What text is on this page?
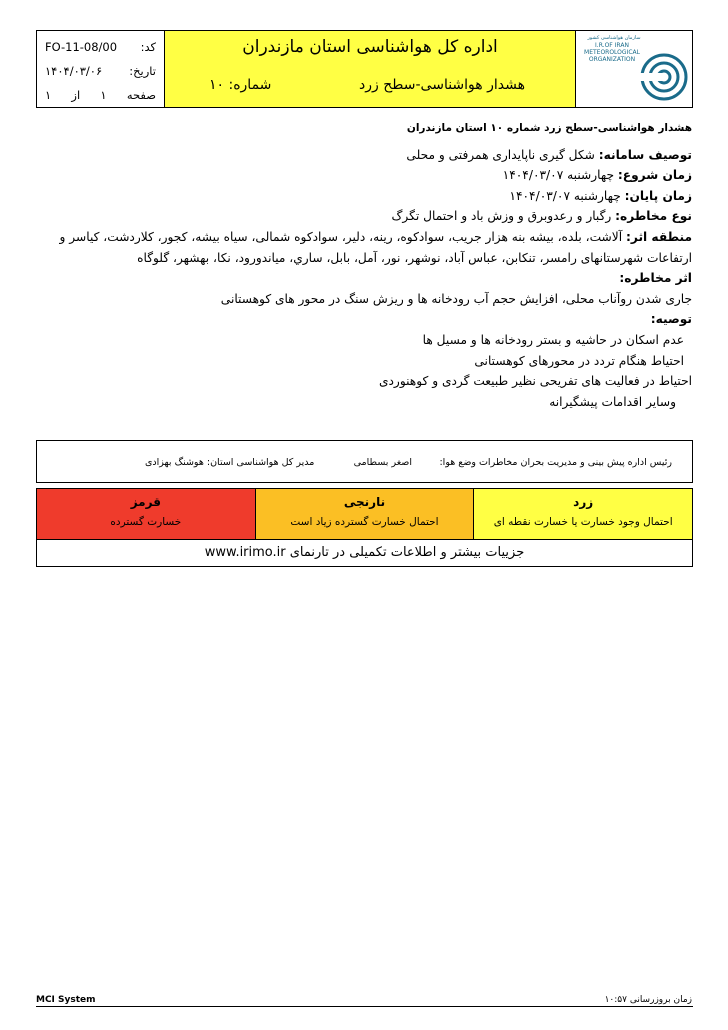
کد:
FO-11-08/00
تاریخ:
۱۴۰۴/۰۳/۰۶
صفحه
۱
از
۱
اداره کل هواشناسی استان مازندران
هشدار هواشناسی-سطح زرد
شماره: ۱۰
سازمان هواشناسی کشور
I.R.OF IRAN
METEOROLOGICAL
ORGANIZATION
هشدار هواشناسی-سطح زرد شماره ۱۰ استان مازندران
توصیف سامانه: شکل گیری ناپایداری همرفتی و محلی
زمان شروع: چهارشنبه ۱۴۰۴/۰۳/۰۷
زمان پایان: چهارشنبه ۱۴۰۴/۰۳/۰۷
نوع مخاطره: رگبار و رعدوبرق و وزش باد و احتمال تگرگ
منطقه اثر: آلاشت، بلده، بیشه بنه هزار جریب، سوادکوه، رینه، دلیر، سوادکوه شمالی، سیاه بیشه، کجور، کلاردشت، کیاسر و ارتفاعات شهرستانهای رامسر، تنکابن، عباس آباد، نوشهر، نور، آمل، بابل، ساري، میاندورود، نکا، بهشهر، گلوگاه
اثر مخاطره:
جاری شدن روآناب محلی، افزایش حجم آب رودخانه ها و ریزش سنگ در محور های کوهستانی
توصیه:
عدم اسکان در حاشیه و بستر رودخانه ها و مسیل ها
احتیاط هنگام تردد در محورهای کوهستانی
احتیاط در فعالیت های تفریحی نظیر طبیعت گردی و کوهنوردی
وسایر اقدامات پیشگیرانه
رئیس اداره پیش بینی و مدیریت بحران مخاطرات وضع هوا:
اصغر بسطامی
مدیر کل هواشناسی استان: هوشنگ بهزادی
زرد
احتمال وجود خسارت یا خسارت نقطه ای
نارنجی
احتمال خسارت گسترده زیاد است
قرمز
خسارت گسترده
جزییات بیشتر و اطلاعات تکمیلی در تارنمای www.irimo.ir
MCI System	زمان بروزرسانی ۱۰:۵۷
